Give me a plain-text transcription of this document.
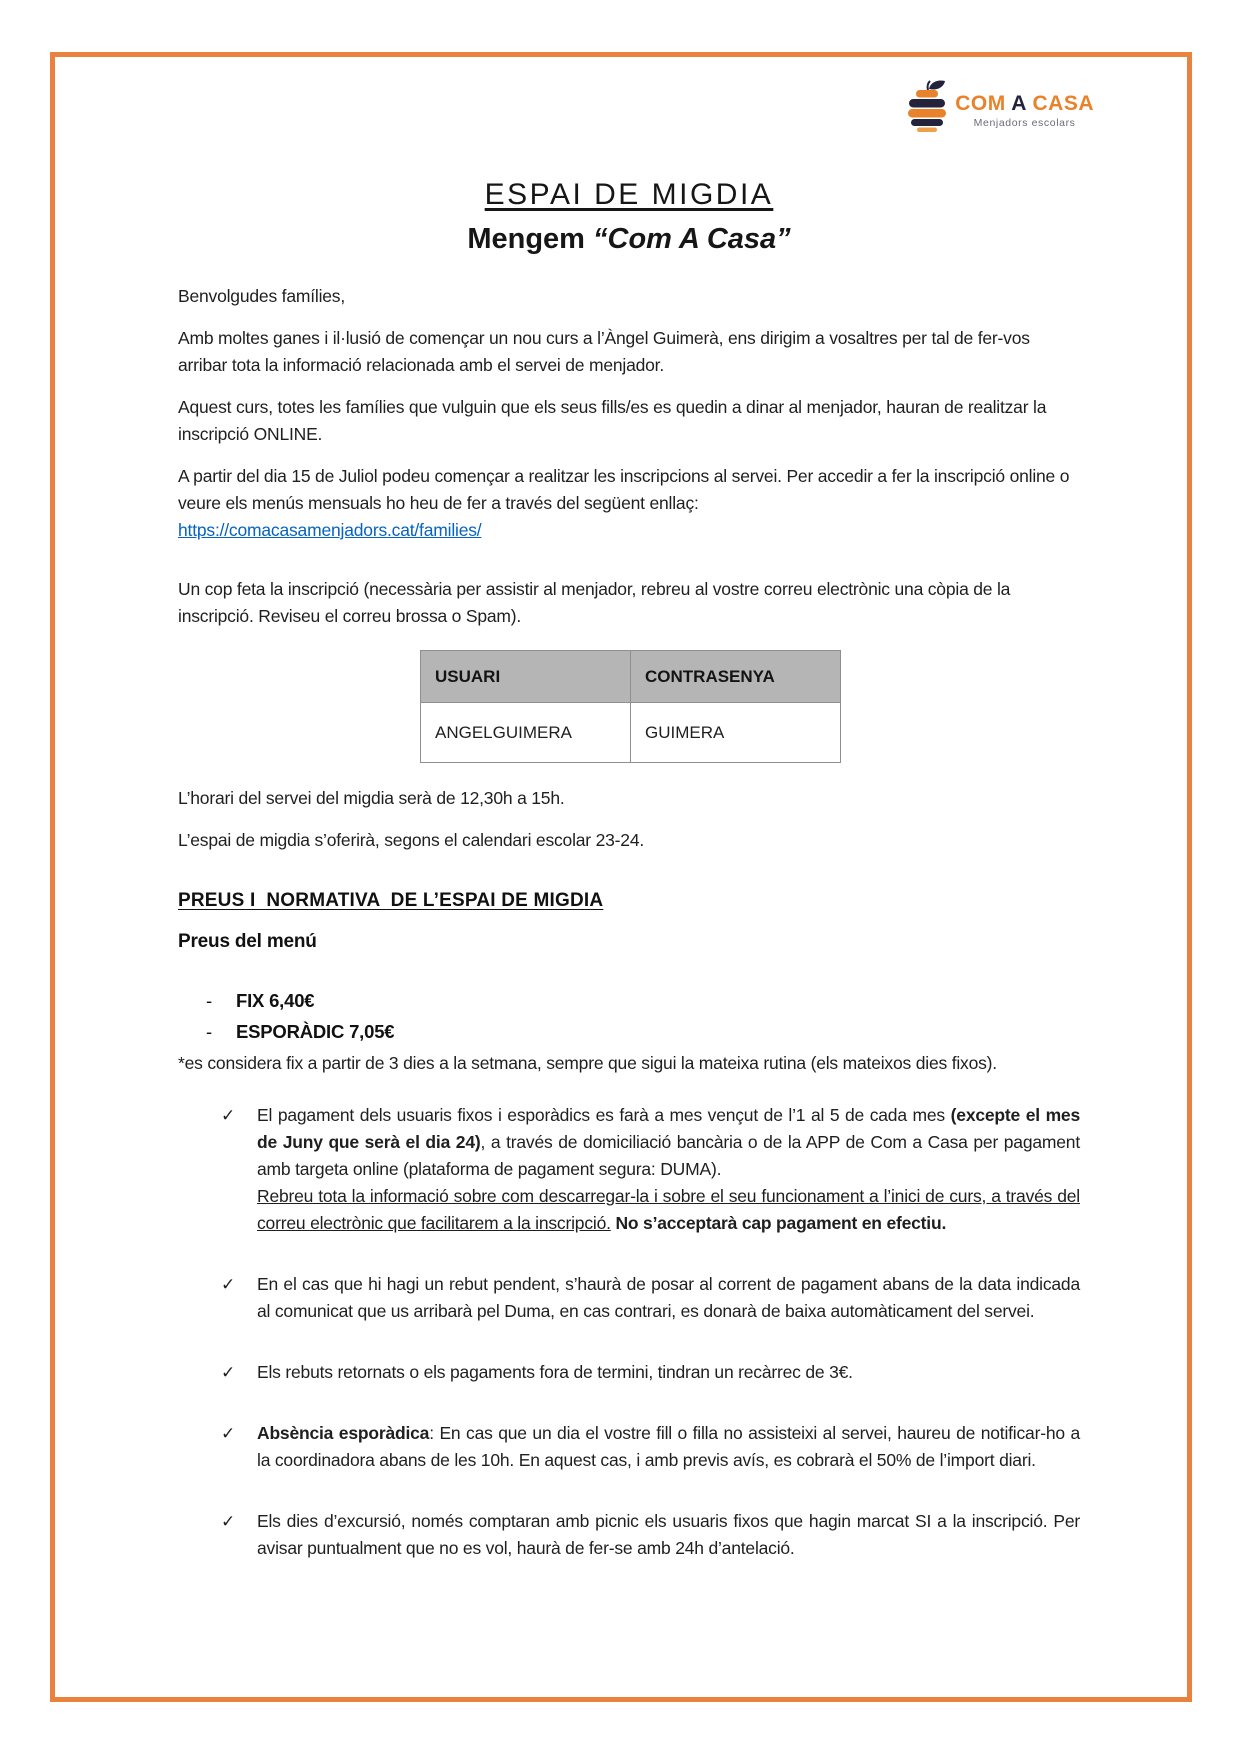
COM A CASA
Menjadors escolars
ESPAI DE MIGDIA
Mengem “Com A Casa”

Benvolgudes famílies,

Amb moltes ganes i il·lusió de començar un nou curs a l’Àngel Guimerà, ens dirigim a vosaltres per tal de fer-vos arribar tota la informació relacionada amb el servei de menjador.

Aquest curs, totes les famílies que vulguin que els seus fills/es es quedin a dinar al menjador, hauran de realitzar la inscripció ONLINE.

A partir del dia 15 de Juliol podeu començar a realitzar les inscripcions al servei. Per accedir a fer la inscripció online o veure els menús mensuals ho heu de fer a través del següent enllaç:

https://comacasamenjadors.cat/families/

Un cop feta la inscripció (necessària per assistir al menjador, rebreu al vostre correu electrònic una còpia de la inscripció. Reviseu el correu brossa o Spam).

USUARI	CONTRASENYA
ANGELGUIMERA	GUIMERA

L’horari del servei del migdia serà de 12,30h a 15h.

L’espai de migdia s’oferirà, segons el calendari escolar 23-24.

PREUS I  NORMATIVA  DE L’ESPAI DE MIGDIA
Preus del menú
- FIX 6,40€
- ESPORÀDIC 7,05€

*es considera fix a partir de 3 dies a la setmana, sempre que sigui la mateixa rutina (els mateixos dies fixos).

✓	El pagament dels usuaris fixos i esporàdics es farà a mes vençut de l’1 al 5 de cada mes (excepte el mes de Juny que serà el dia 24), a través de domiciliació bancària o de la APP de Com a Casa per pagament amb targeta online (plataforma de pagament segura: DUMA).
Rebreu tota la informació sobre com descarregar-la i sobre el seu funcionament a l’inici de curs, a través del correu electrònic que facilitarem a la inscripció. No s’acceptarà cap pagament en efectiu.
✓	En el cas que hi hagi un rebut pendent, s’haurà de posar al corrent de pagament abans de la data indicada al comunicat que us arribarà pel Duma, en cas contrari, es donarà de baixa automàticament del servei.
✓	Els rebuts retornats o els pagaments fora de termini, tindran un recàrrec de 3€.
✓	Absència esporàdica: En cas que un dia el vostre fill o filla no assisteixi al servei, haureu de notificar-ho a la coordinadora abans de les 10h. En aquest cas, i amb previs avís, es cobrarà el 50% de l’import diari.
✓	Els dies d’excursió, només comptaran amb picnic els usuaris fixos que hagin marcat SI a la inscripció. Per avisar puntualment que no es vol, haurà de fer-se amb 24h d’antelació.
